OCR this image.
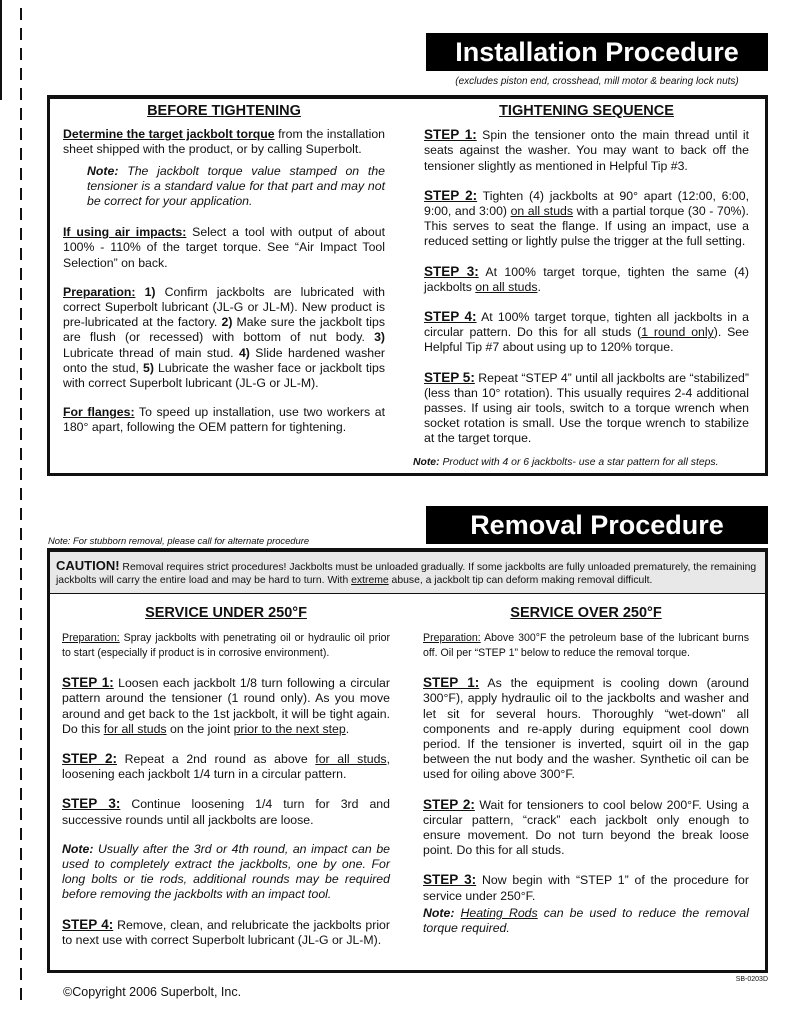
Installation Procedure
(excludes piston end, crosshead, mill motor & bearing lock nuts)
BEFORE TIGHTENING

Determine the target jackbolt torque from the installation sheet shipped with the product, or by calling Superbolt.

Note: The jackbolt torque value stamped on the tensioner is a standard value for that part and may not be correct for your application.

If using air impacts: Select a tool with output of about 100% - 110% of the target torque. See “Air Impact Tool Selection” on back.

Preparation: 1) Confirm jackbolts are lubricated with correct Superbolt lubricant (JL-G or JL-M). New product is pre-lubricated at the factory. 2) Make sure the jackbolt tips are flush (or recessed) with bottom of nut body. 3) Lubricate thread of main stud. 4) Slide hardened washer onto the stud, 5) Lubricate the washer face or jackbolt tips with correct Superbolt lubricant (JL-G or JL-M).

For flanges: To speed up installation, use two workers at 180° apart, following the OEM pattern for tightening.

TIGHTENING SEQUENCE

STEP 1: Spin the tensioner onto the main thread until it seats against the washer. You may want to back off the tensioner slightly as mentioned in Helpful Tip #3.

STEP 2: Tighten (4) jackbolts at 90° apart (12:00, 6:00, 9:00, and 3:00) on all studs with a partial torque (30 - 70%). This serves to seat the flange. If using an impact, use a reduced setting or lightly pulse the trigger at the full setting.

STEP 3: At 100% target torque, tighten the same (4) jackbolts on all studs.

STEP 4: At 100% target torque, tighten all jackbolts in a circular pattern. Do this for all studs (1 round only). See Helpful Tip #7 about using up to 120% torque.

STEP 5: Repeat “STEP 4” until all jackbolts are “stabilized” (less than 10° rotation). This usually requires 2-4 additional passes. If using air tools, switch to a torque wrench when socket rotation is small. Use the torque wrench to stabilize at the target torque.

Note: Product with 4 or 6 jackbolts- use a star pattern for all steps.
Note: For stubborn removal, please call for alternate procedure
Removal Procedure
CAUTION! Removal requires strict procedures! Jackbolts must be unloaded gradually. If some jackbolts are fully unloaded prematurely, the remaining jackbolts will carry the entire load and may be hard to turn. With extreme abuse, a jackbolt tip can deform making removal difficult.
SERVICE UNDER 250°F

Preparation: Spray jackbolts with penetrating oil or hydraulic oil prior to start (especially if product is in corrosive environment).

STEP 1: Loosen each jackbolt 1/8 turn following a circular pattern around the tensioner (1 round only). As you move around and get back to the 1st jackbolt, it will be tight again. Do this for all studs on the joint prior to the next step.

STEP 2: Repeat a 2nd round as above for all studs, loosening each jackbolt 1/4 turn in a circular pattern.

STEP 3: Continue loosening 1/4 turn for 3rd and successive rounds until all jackbolts are loose.

Note: Usually after the 3rd or 4th round, an impact can be used to completely extract the jackbolts, one by one. For long bolts or tie rods, additional rounds may be required before removing the jackbolts with an impact tool.

STEP 4: Remove, clean, and relubricate the jackbolts prior to next use with correct Superbolt lubricant (JL-G or JL-M).

SERVICE OVER 250°F

Preparation: Above 300°F the petroleum base of the lubricant burns off. Oil per “STEP 1” below to reduce the removal torque.

STEP 1: As the equipment is cooling down (around 300°F), apply hydraulic oil to the jackbolts and washer and let sit for several hours. Thoroughly “wet-down” all components and re-apply during equipment cool down period. If the tensioner is inverted, squirt oil in the gap between the nut body and the washer. Synthetic oil can be used for oiling above 300°F.

STEP 2: Wait for tensioners to cool below 200°F. Using a circular pattern, “crack” each jackbolt only enough to ensure movement. Do not turn beyond the break loose point. Do this for all studs.

STEP 3: Now begin with “STEP 1” of the procedure for service under 250°F.

Note: Heating Rods can be used to reduce the removal torque required.

SB-0203D
©Copyright 2006 Superbolt, Inc.
